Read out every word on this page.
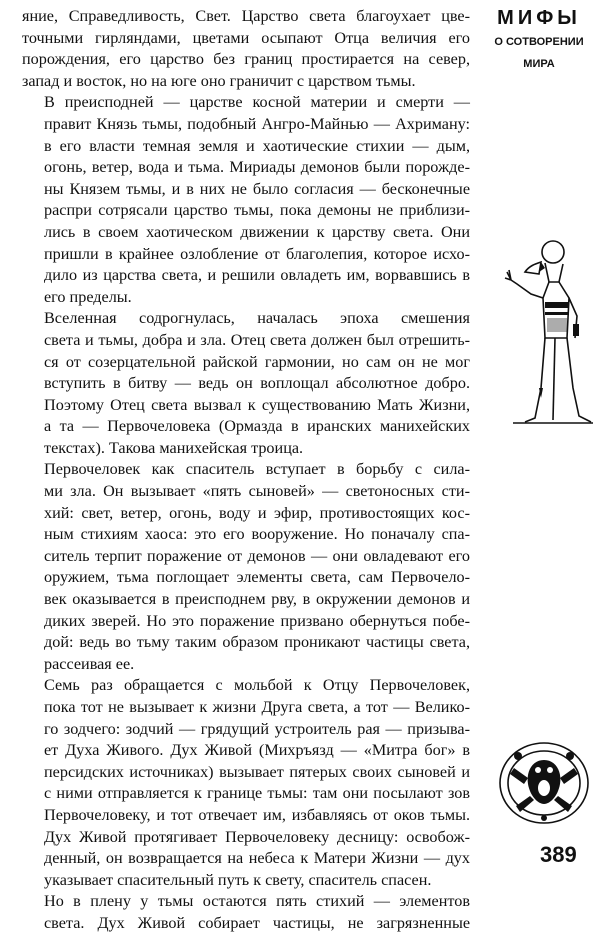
яние, Справедливость, Свет. Царство света благоухает цве-
точными гирляндами, цветами осыпают Отца величия его
порождения, его царство без границ простирается на север,
запад и восток, но на юге оно граничит с царством тьмы.

В преисподней — царстве косной материи и смерти —
правит Князь тьмы, подобный Ангро-Майнью — Ахриману:
в его власти темная земля и хаотические стихии — дым,
огонь, ветер, вода и тьма. Мириады демонов были порожде-
ны Князем тьмы, и в них не было согласия — бесконечные
распри сотрясали царство тьмы, пока демоны не приблизи-
лись в своем хаотическом движении к царству света. Они
пришли в крайнее озлобление от благолепия, которое исхо-
дило из царства света, и решили овладеть им, ворвавшись в
его пределы.

Вселенная содрогнулась, началась эпоха смешения
света и тьмы, добра и зла. Отец света должен был отрешить-
ся от созерцательной райской гармонии, но сам он не мог
вступить в битву — ведь он воплощал абсолютное добро.
Поэтому Отец света вызвал к существованию Мать Жизни,
а та — Первочеловека (Ормазда в иранских манихейских
текстах). Такова манихейская троица.

Первочеловек как спаситель вступает в борьбу с сила-
ми зла. Он вызывает «пять сыновей» — светоносных сти-
хий: свет, ветер, огонь, воду и эфир, противостоящих кос-
ным стихиям хаоса: это его вооружение. Но поначалу спа-
ситель терпит поражение от демонов — они овладевают его
оружием, тьма поглощает элементы света, сам Первочело-
век оказывается в преисподнем рву, в окружении демонов и
диких зверей. Но это поражение призвано обернуться побе-
дой: ведь во тьму таким образом проникают частицы света,
рассеивая ее.

Семь раз обращается с мольбой к Отцу Первочеловек,
пока тот не вызывает к жизни Друга света, а тот — Велико-
го зодчего: зодчий — грядущий устроитель рая — призыва-
ет Духа Живого. Дух Живой (Михръязд — «Митра бог» в
персидских источниках) вызывает пятерых своих сыновей и
с ними отправляется к границе тьмы: там они посылают зов
Первочеловеку, и тот отвечает им, избавляясь от оков тьмы.
Дух Живой протягивает Первочеловеку десницу: освобож-
денный, он возвращается на небеса к Матери Жизни — дух
указывает спасительный путь к свету, спаситель спасен.

Но в плену у тьмы остаются пять стихий — элементов
света. Дух Живой собирает частицы, не загрязненные

МИФЫ
О СОТВОРЕНИИ
МИРА
389
